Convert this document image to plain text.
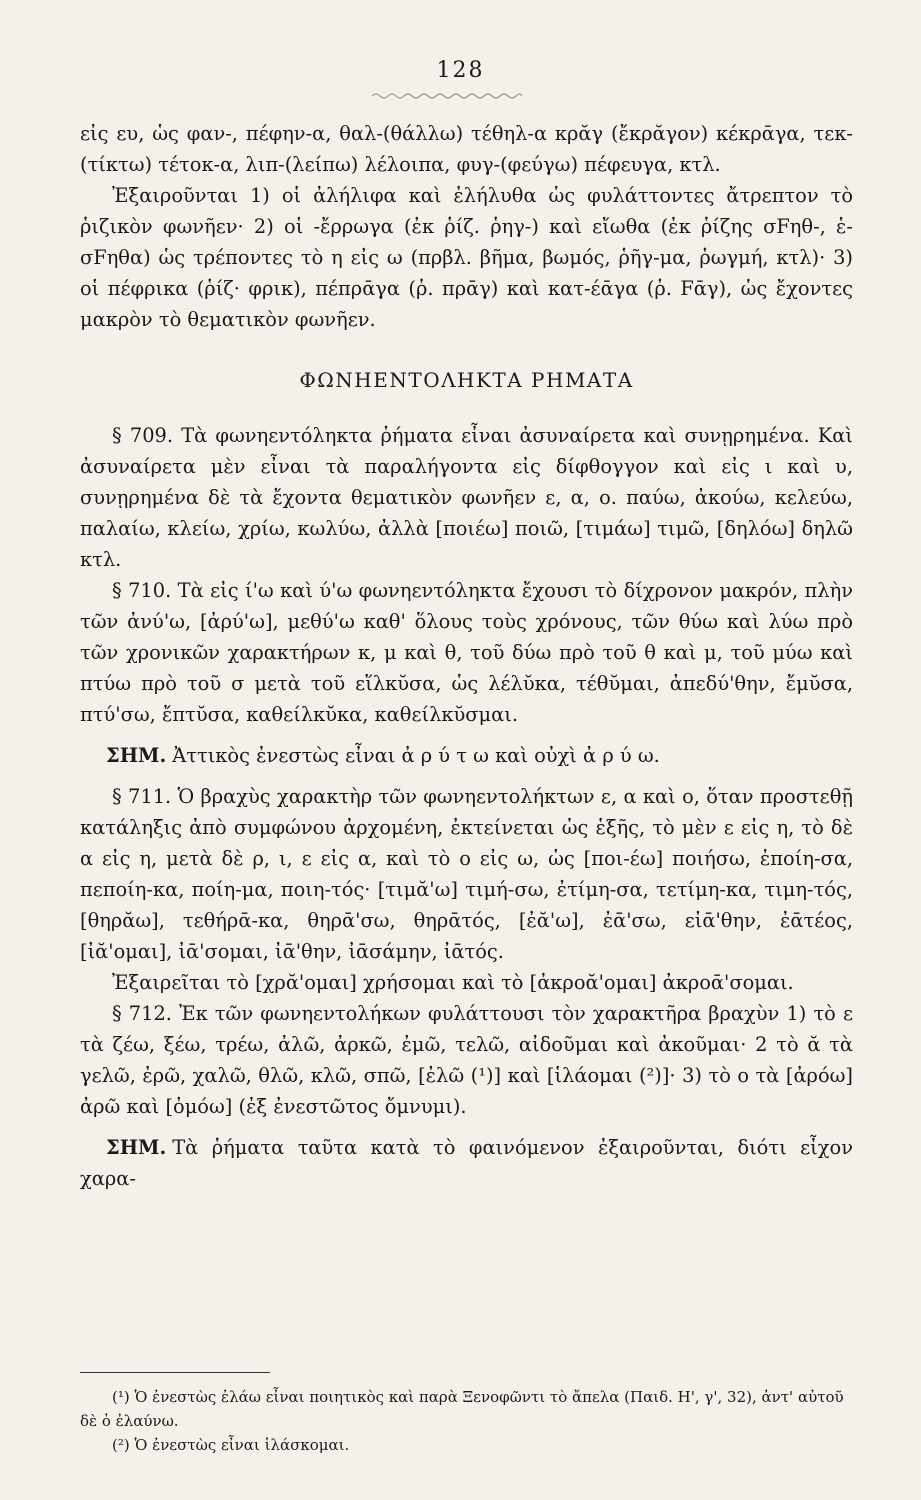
128

εἰς ευ, ὡς φαν-, πέφην-α, θαλ-(θάλλω) τέθηλ-α κρᾰγ (ἔκρᾰγον) κέκρᾱγα, τεκ-(τίκτω) τέτοκ-α, λιπ-(λείπω) λέλοιπα, φυγ-(φεύγω) πέφευγα, κτλ.

Ἐξαιροῦνται 1) οἱ ἀλήλιφα καὶ ἐλήλυθα ὡς φυλάττοντες ἄτρεπτον τὸ ῥιζικὸν φωνῆεν· 2) οἱ -ἔρρωγα (ἐκ ῥίζ. ῥηγ-) καὶ εἴωθα (ἐκ ῥίζης σFηθ-, ἑ-σFηθα) ὡς τρέποντες τὸ η εἰς ω (πρβλ. βῆμα, βωμός, ῥῆγ-μα, ῥωγμή, κτλ)· 3) οἱ πέφρικα (ῥίζ· φρικ), πέπρᾱγα (ῥ. πρᾱγ) καὶ κατ-έᾱγα (ῥ. Fᾱγ), ὡς ἔχοντες μακρὸν τὸ θεματικὸν φωνῆεν.

ΦΩΝΗΕΝΤΟΛΗΚΤΑ ΡΗΜΑΤΑ

§ 709. Τὰ φωνηεντόληκτα ῥήματα εἶναι ἀσυναίρετα καὶ συνῃρημένα. Καὶ ἀσυναίρετα μὲν εἶναι τὰ παραλήγοντα εἰς δίφθογγον καὶ εἰς ι καὶ υ, συνῃρημένα δὲ τὰ ἔχοντα θεματικὸν φωνῆεν ε, α, ο. παύω, ἀκούω, κελεύω, παλαίω, κλείω, χρίω, κωλύω, ἀλλὰ [ποιέω] ποιῶ, [τιμάω] τιμῶ, [δηλόω] δηλῶ κτλ.

§ 710. Τὰ εἰς ί'ω καὶ ύ'ω φωνηεντόληκτα ἔχουσι τὸ δίχρονον μακρόν, πλὴν τῶν ἀνύ'ω, [ἀρύ'ω], μεθύ'ω καθ' ὅλους τοὺς χρόνους, τῶν θύω καὶ λύω πρὸ τῶν χρονικῶν χαρακτήρων κ, μ καὶ θ, τοῦ δύω πρὸ τοῦ θ καὶ μ, τοῦ μύω καὶ πτύω πρὸ τοῦ σ μετὰ τοῦ εἵλκῠσα, ὡς λέλῠκα, τέθῠμαι, ἀπεδύ'θην, ἔμῠσα, πτύ'σω, ἔπτῠσα, καθείλκῠκα, καθείλκῠσμαι.

ΣΗΜ. Ἀττικὸς ἐνεστὼς εἶναι ἀ ρ ύ τ ω καὶ οὐχὶ ἀ ρ ύ ω.

§ 711. Ὁ βραχὺς χαρακτὴρ τῶν φωνηεντολήκτων ε, α καὶ ο, ὅταν προστεθῇ κατάληξις ἀπὸ συμφώνου ἀρχομένη, ἐκτείνεται ὡς ἑξῆς, τὸ μὲν ε εἰς η, τὸ δὲ α εἰς η, μετὰ δὲ ρ, ι, ε εἰς α, καὶ τὸ ο εἰς ω, ὡς [ποι-έω] ποιήσω, ἐποίη-σα, πεποίη-κα, ποίη-μα, ποιη-τός· [τιμᾰ'ω] τιμή-σω, ἐτίμη-σα, τετίμη-κα, τιμη-τός, [θηρᾰω], τεθήρᾱ-κα, θηρᾱ'σω, θηρᾱτός, [ἐᾰ'ω], ἐᾱ'σω, εἰᾱ'θην, ἐᾱτέος, [ἰᾰ'ομαι], ἰᾱ'σομαι, ἰᾱ'θην, ἰᾱσάμην, ἰᾱτός.

Ἐξαιρεῖται τὸ [χρᾰ'ομαι] χρήσομαι καὶ τὸ [ἀκροᾰ'ομαι] ἀκροᾱ'σομαι.

§ 712. Ἐκ τῶν φωνηεντολήκων φυλάττουσι τὸν χαρακτῆρα βραχὺν 1) τὸ ε τὰ ζέω, ξέω, τρέω, ἀλῶ, ἀρκῶ, ἐμῶ, τελῶ, αἰδοῦμαι καὶ ἀκοῦμαι· 2 τὸ ᾰ τὰ γελῶ, ἐρῶ, χαλῶ, θλῶ, κλῶ, σπῶ, [ἐλῶ (¹)] καὶ [ἱλάομαι (²)]· 3) τὸ ο τὰ [ἀρόω] ἀρῶ καὶ [ὀμόω] (ἐξ ἐνεστῶτος ὄμνυμι).

ΣΗΜ. Τὰ ῥήματα ταῦτα κατὰ τὸ φαινόμενον ἐξαιροῦνται, διότι εἶχον χαρα-

(¹) Ὁ ἐνεστὼς ἐλάω εἶναι ποιητικὸς καὶ παρὰ Ξενοφῶντι τὸ ἄπελα (Παιδ. Η', γ', 32), ἀντ' αὐτοῦ δὲ ὁ ἐλαύνω.

(²) Ὁ ἐνεστὼς εἶναι ἱλάσκομαι.
